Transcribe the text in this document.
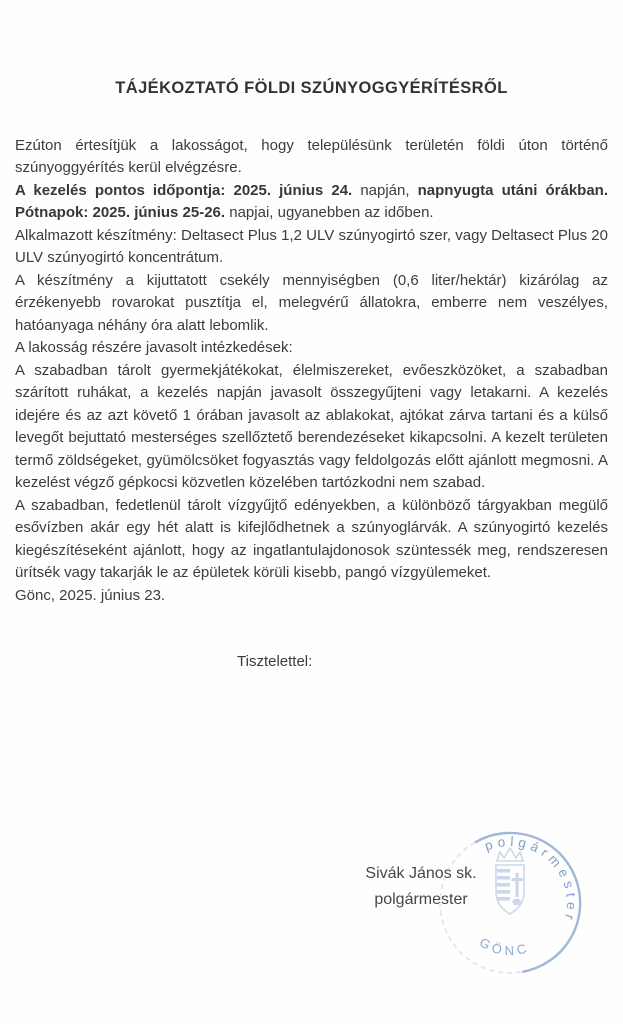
TÁJÉKOZTATÓ FÖLDI SZÚNYOGGYÉRÍTÉSRŐL

Ezúton értesítjük a lakosságot, hogy településünk területén földi úton történő szúnyoggyérítés kerül elvégzésre.

A kezelés pontos időpontja: 2025. június 24. napján, napnyugta utáni órákban. Pótnapok: 2025. június 25-26. napjai, ugyanebben az időben.

Alkalmazott készítmény: Deltasect Plus 1,2 ULV szúnyogirtó szer, vagy Deltasect Plus 20 ULV szúnyogirtó koncentrátum.
A készítmény a kijuttatott csekély mennyiségben (0,6 liter/hektár) kizárólag az érzékenyebb rovarokat pusztítja el, melegvérű állatokra, emberre nem veszélyes, hatóanyaga néhány óra alatt lebomlik.

A lakosság részére javasolt intézkedések:
A szabadban tárolt gyermekjátékokat, élelmiszereket, evőeszközöket, a szabadban szárított ruhákat, a kezelés napján javasolt összegyűjteni vagy letakarni. A kezelés idejére és az azt követő 1 órában javasolt az ablakokat, ajtókat zárva tartani és a külső levegőt bejuttató mesterséges szellőztető berendezéseket kikapcsolni. A kezelt területen termő zöldségeket, gyümölcsöket fogyasztás vagy feldolgozás előtt ajánlott megmosni. A kezelést végző gépkocsi közvetlen közelében tartózkodni nem szabad.
A szabadban, fedetlenül tárolt vízgyűjtő edényekben, a különböző tárgyakban megülő esővízben akár egy hét alatt is kifejlődhetnek a szúnyoglárvák. A szúnyogirtó kezelés kiegészítéseként ajánlott, hogy az ingatlantulajdonosok szüntessék meg, rendszeresen ürítsék vagy takarják le az épületek körüli kisebb, pangó vízgyülemeket.

Gönc, 2025. június 23.

Tisztelettel:

Sivák János sk.
polgármester
polgármester
GÖNC
